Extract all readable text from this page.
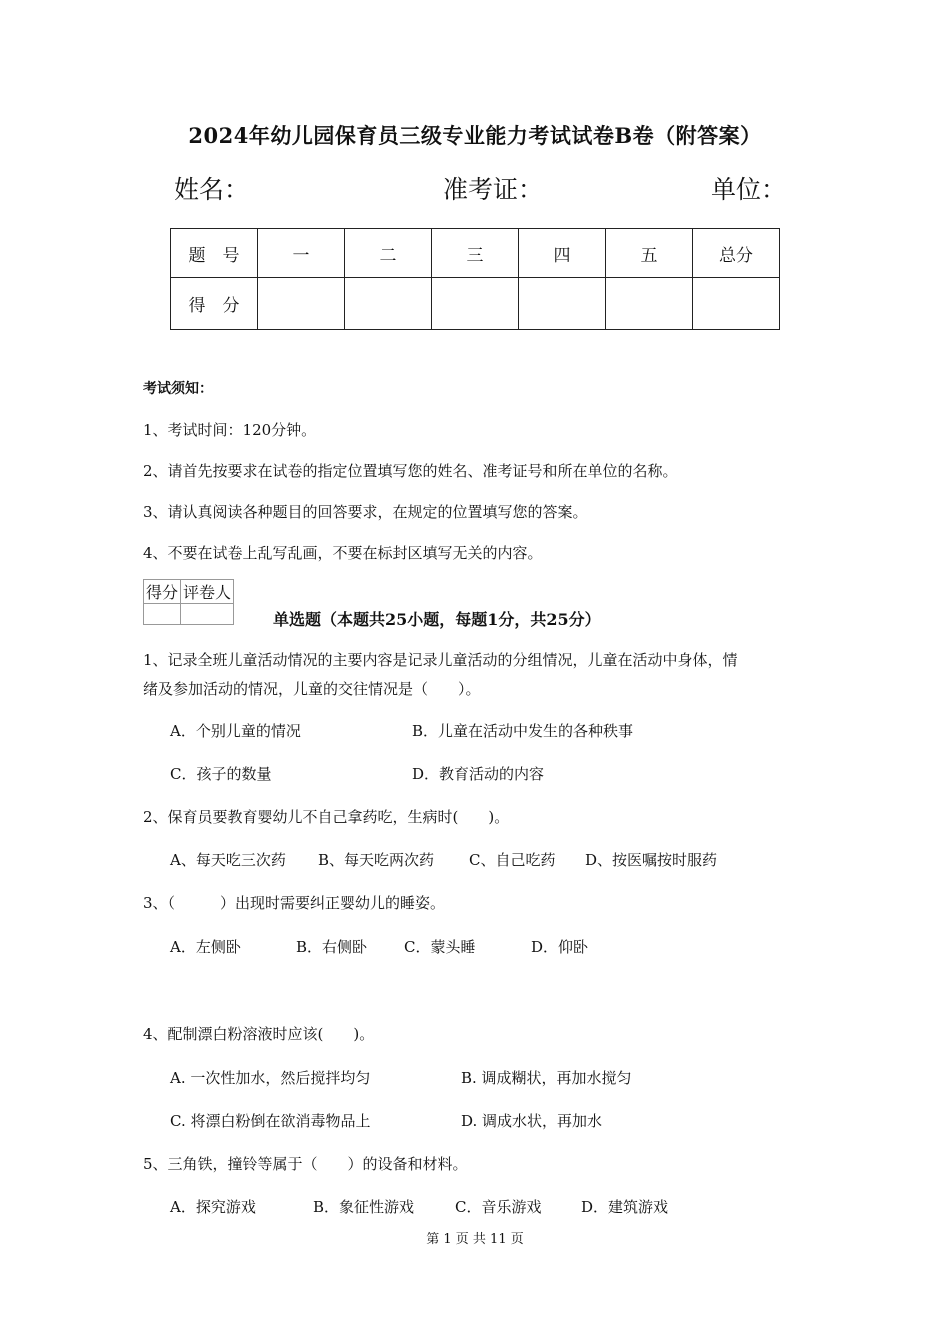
2024年幼儿园保育员三级专业能力考试试卷B卷（附答案）
姓名：	准考证：	单位：
题　号	一	二	三	四	五	总分
得　分						
考试须知：
1、考试时间：120分钟。
2、请首先按要求在试卷的指定位置填写您的姓名、准考证号和所在单位的名称。
3、请认真阅读各种题目的回答要求，在规定的位置填写您的答案。
4、不要在试卷上乱写乱画，不要在标封区填写无关的内容。
得分	评卷人

单选题（本题共25小题，每题1分，共25分）
1、记录全班儿童活动情况的主要内容是记录儿童活动的分组情况，儿童在活动中身体，情
绪及参加活动的情况，儿童的交往情况是（　　）。
A．个别儿童的情况	B．儿童在活动中发生的各种秩事
C．孩子的数量	D．教育活动的内容
2、保育员要教育婴幼儿不自己拿药吃，生病时(　　)。
A、每天吃三次药 B、每天吃两次药 C、自己吃药 D、按医嘱按时服药
3、（　　　）出现时需要纠正婴幼儿的睡姿。
A．左侧卧	B．右侧卧 C．蒙头睡	D．仰卧
4、配制漂白粉溶液时应该(　　)。
A. 一次性加水，然后搅拌均匀	B. 调成糊状，再加水搅匀
C. 将漂白粉倒在欲消毒物品上	D. 调成水状，再加水
5、三角铁，撞铃等属于（　　）的设备和材料。
A．探究游戏	B．象征性游戏	C．音乐游戏	D．建筑游戏
第 1 页 共 11 页
